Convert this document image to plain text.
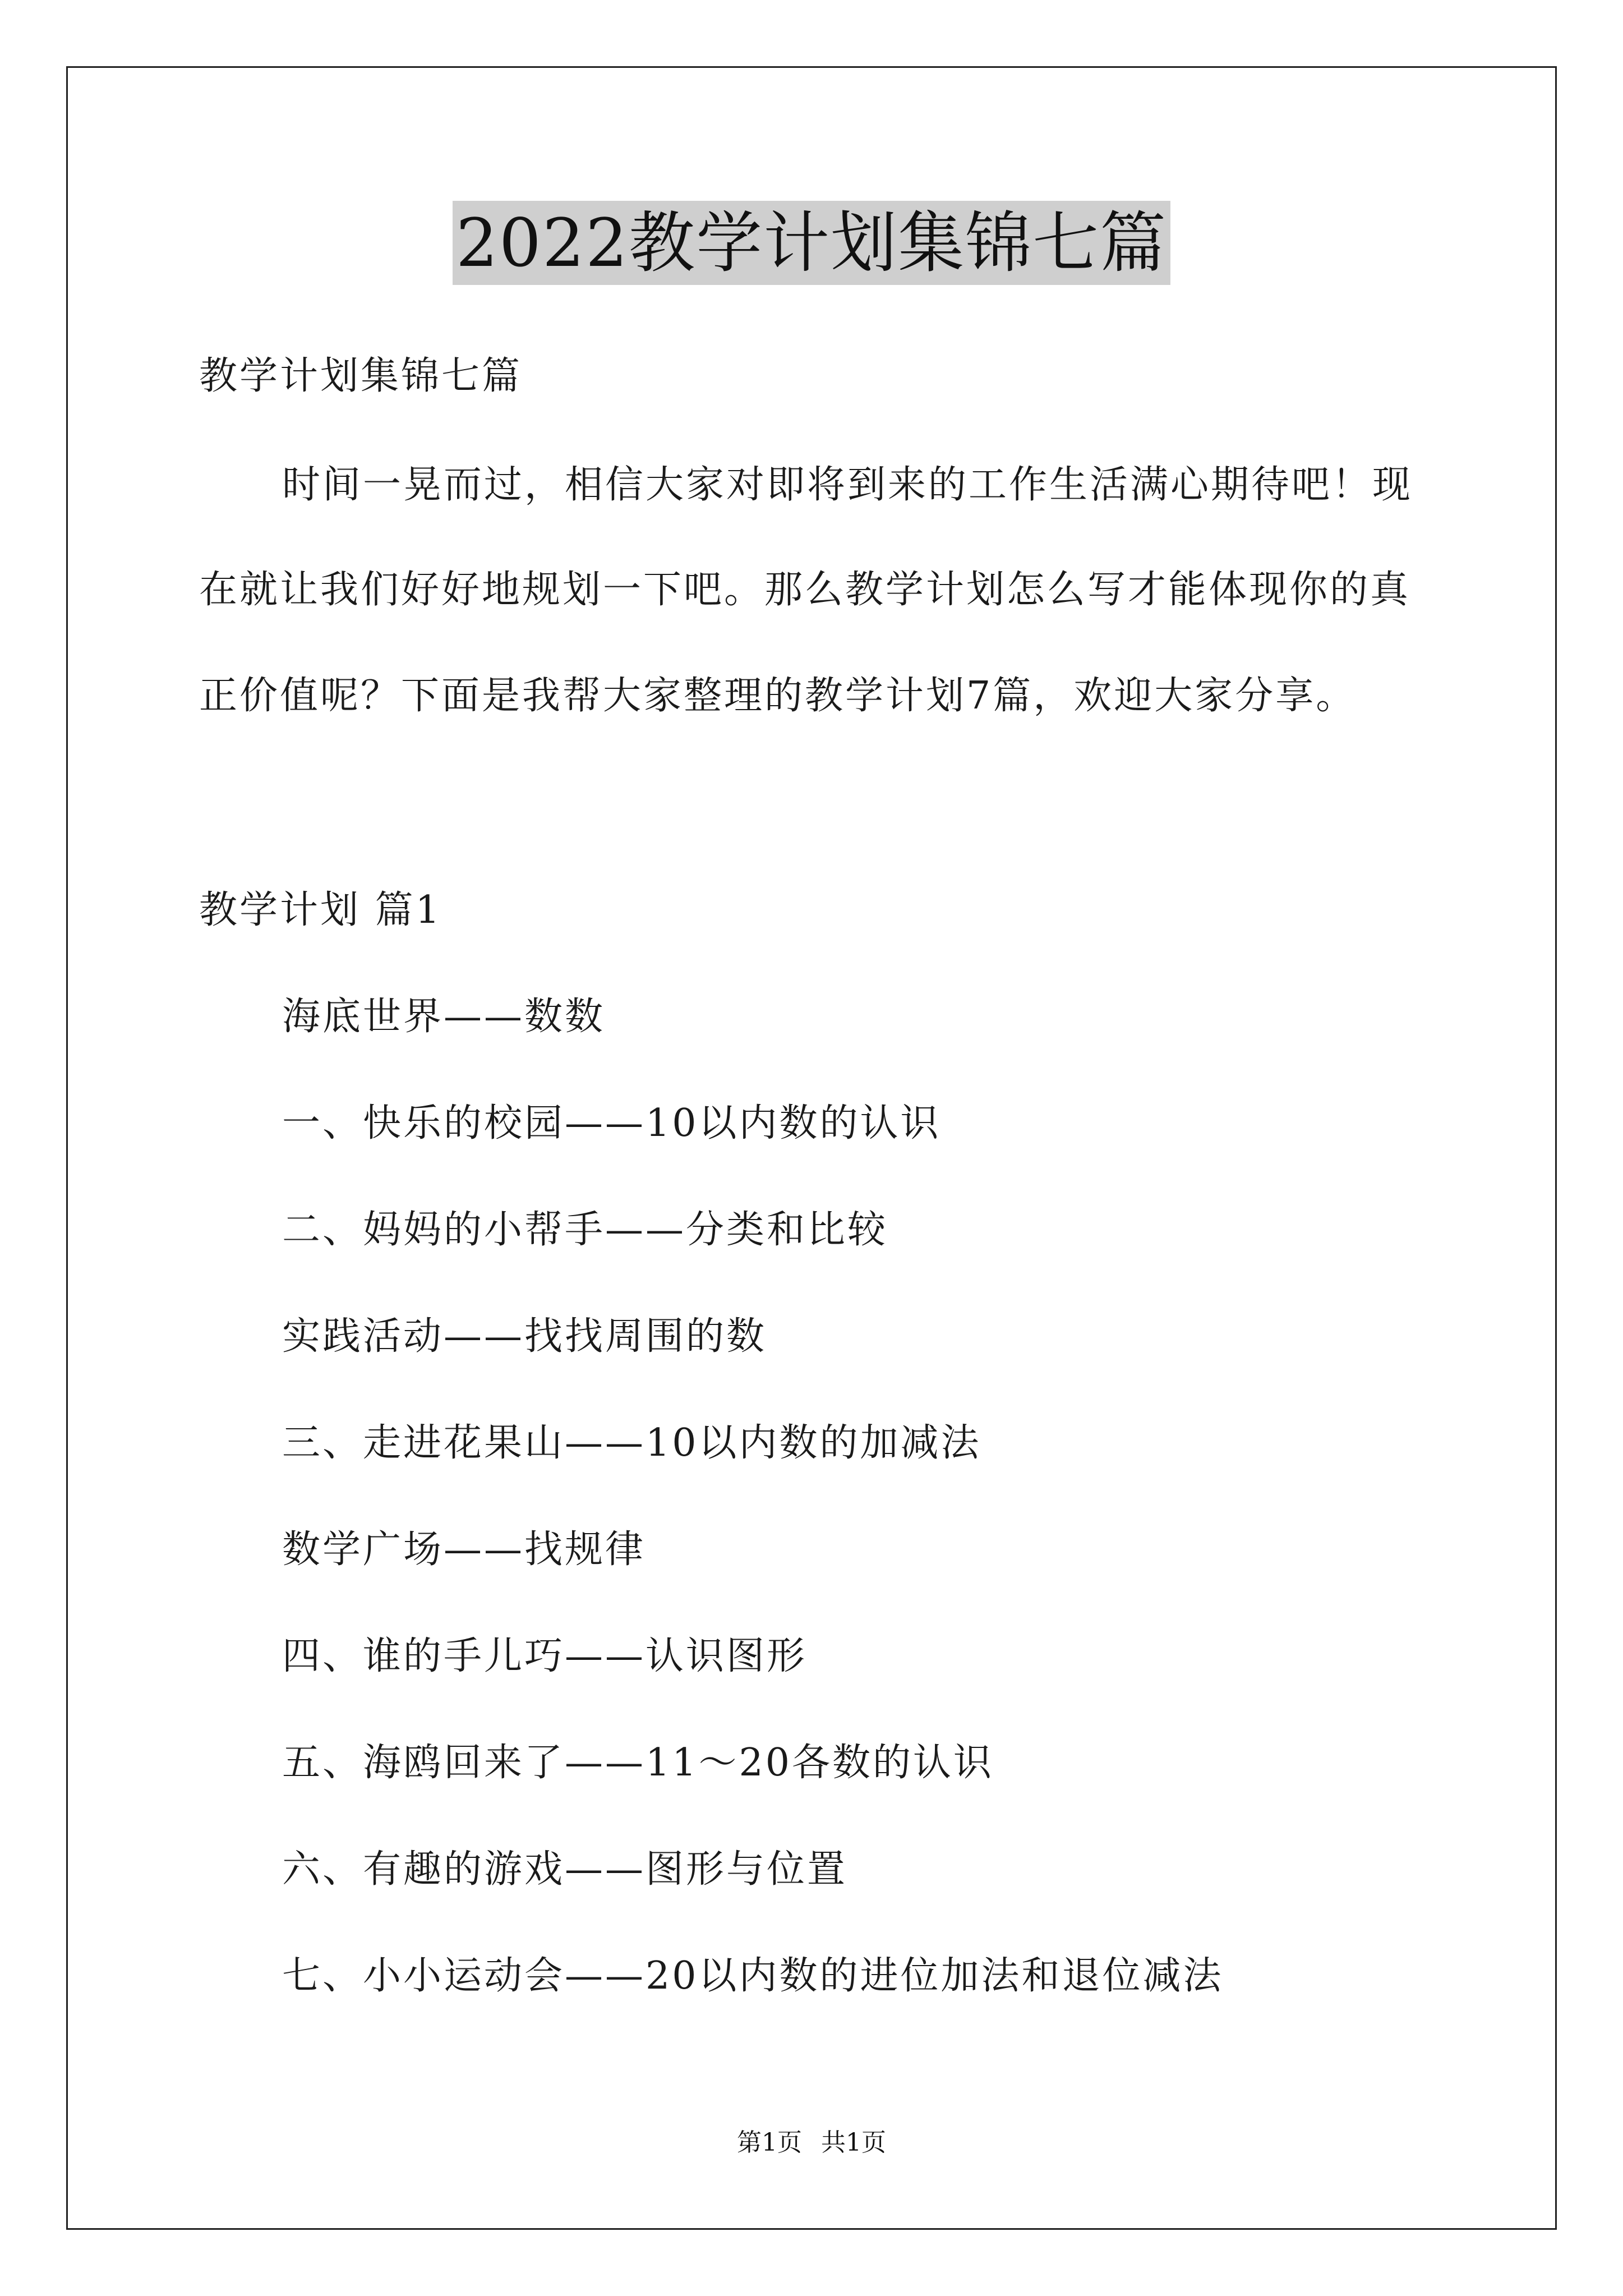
2022教学计划集锦七篇
教学计划集锦七篇
时间一晃而过，相信大家对即将到来的工作生活满心期待吧！现
在就让我们好好地规划一下吧。那么教学计划怎么写才能体现你的真
正价值呢？下面是我帮大家整理的教学计划7篇，欢迎大家分享。
教学计划 篇1
海底世界——数数
一、快乐的校园——10以内数的认识
二、妈妈的小帮手——分类和比较
实践活动——找找周围的数
三、走进花果山——10以内数的加减法
数学广场——找规律
四、谁的手儿巧——认识图形
五、海鸥回来了——11～20各数的认识
六、有趣的游戏——图形与位置
七、小小运动会——20以内数的进位加法和退位减法
第1页 共1页
